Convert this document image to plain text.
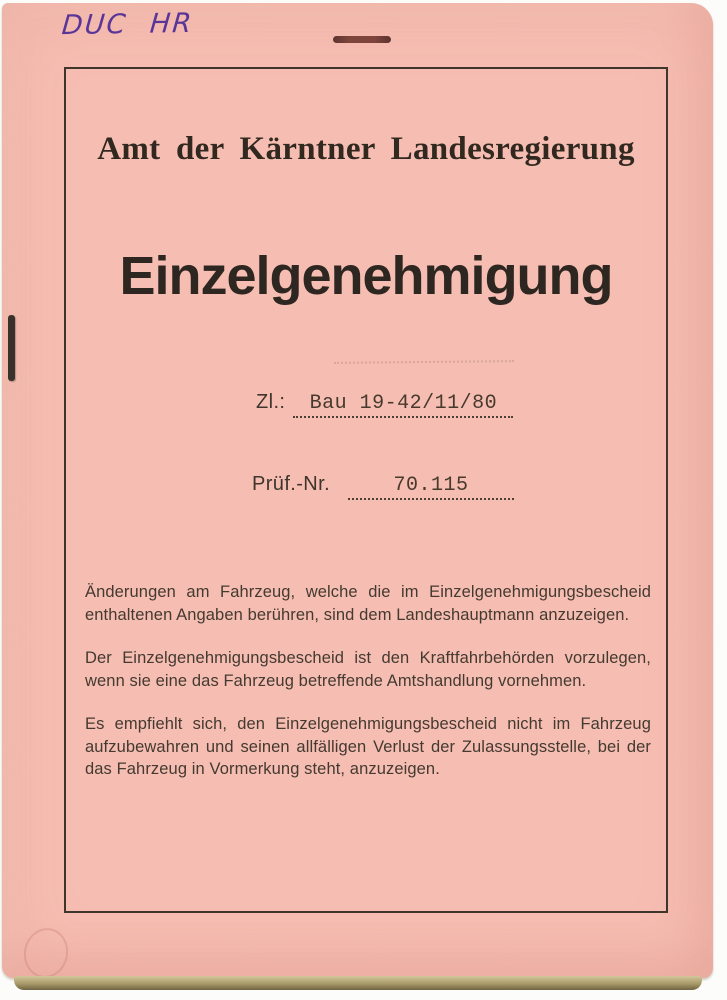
DUC HR
Amt der Kärntner Landesregierung
Einzelgenehmigung
Zl.:	Bau 19-42/11/80
Prüf.-Nr.	70.115

Änderungen am Fahrzeug, welche die im Einzelgenehmigungsbescheid enthaltenen Angaben berühren, sind dem Landeshauptmann anzuzeigen.

Der Einzelgenehmigungsbescheid ist den Kraftfahrbehörden vorzulegen, wenn sie eine das Fahrzeug betreffende Amtshandlung vornehmen.

Es empfiehlt sich, den Einzelgenehmigungsbescheid nicht im Fahrzeug aufzubewahren und seinen allfälligen Verlust der Zulassungsstelle, bei der das Fahrzeug in Vormerkung steht, anzuzeigen.
